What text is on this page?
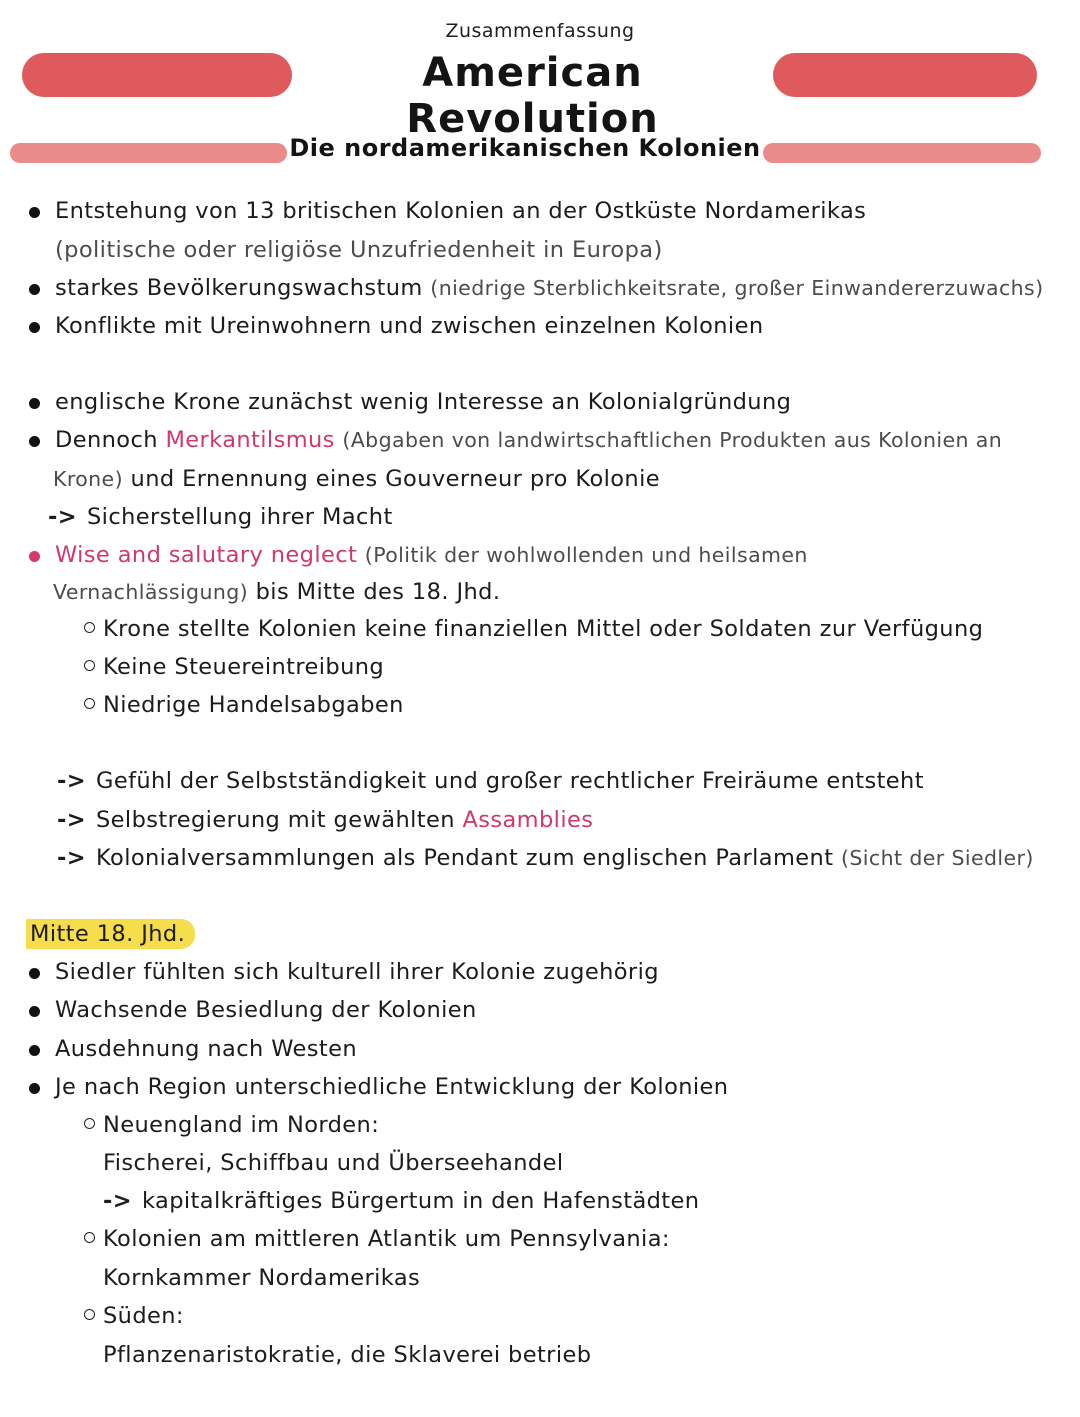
Zusammenfassung
American Revolution
Die nordamerikanischen Kolonien
Entstehung von 13 britischen Kolonien an der Ostküste Nordamerikas
(politische oder religiöse Unzufriedenheit in Europa)
starkes Bevölkerungswachstum (niedrige Sterblichkeitsrate, großer Einwandererzuwachs)
Konflikte mit Ureinwohnern und zwischen einzelnen Kolonien
englische Krone zunächst wenig Interesse an Kolonialgründung
Dennoch Merkantilsmus (Abgaben von landwirtschaftlichen Produkten aus Kolonien an
Krone) und Ernennung eines Gouverneur pro Kolonie
-> Sicherstellung ihrer Macht
Wise and salutary neglect (Politik der wohlwollenden und heilsamen
Vernachlässigung) bis Mitte des 18. Jhd.
Krone stellte Kolonien keine finanziellen Mittel oder Soldaten zur Verfügung
Keine Steuereintreibung
Niedrige Handelsabgaben
-> Gefühl der Selbstständigkeit und großer rechtlicher Freiräume entsteht
-> Selbstregierung mit gewählten Assamblies
-> Kolonialversammlungen als Pendant zum englischen Parlament (Sicht der Siedler)
Mitte 18. Jhd.
Siedler fühlten sich kulturell ihrer Kolonie zugehörig
Wachsende Besiedlung der Kolonien
Ausdehnung nach Westen
Je nach Region unterschiedliche Entwicklung der Kolonien
Neuengland im Norden:
Fischerei, Schiffbau und Überseehandel
-> kapitalkräftiges Bürgertum in den Hafenstädten
Kolonien am mittleren Atlantik um Pennsylvania:
Kornkammer Nordamerikas
Süden:
Pflanzenaristokratie, die Sklaverei betrieb
